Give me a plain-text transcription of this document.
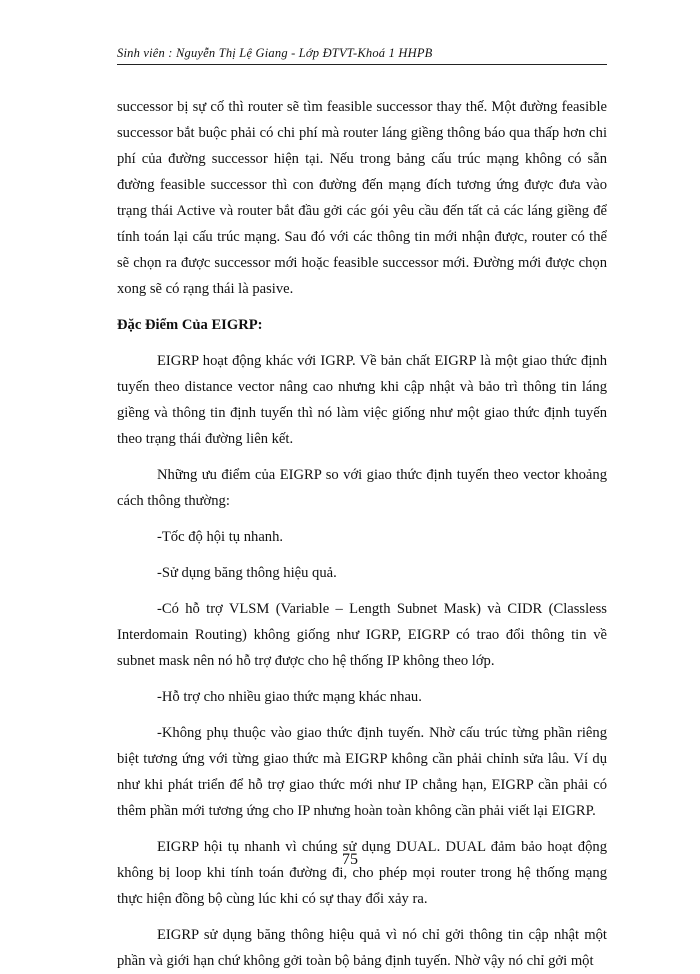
Sinh viên : Nguyễn Thị Lệ Giang - Lớp ĐTVT-Khoá 1 HHPB

successor bị sự cố thì router sẽ tìm feasible successor thay thế. Một đường feasible successor bắt buộc phải có chi phí mà router láng giềng thông báo qua thấp hơn chi phí của đường successor hiện tại. Nếu trong bảng cấu trúc mạng không có sẵn đường feasible successor thì con đường đến mạng đích tương ứng được đưa vào trạng thái Active và router bắt đầu gởi các gói yêu cầu đến tất cả các láng giềng để tính toán lại cấu trúc mạng. Sau đó với các thông tin mới nhận được, router có thể sẽ chọn ra được successor mới hoặc feasible successor mới. Đường mới được chọn xong sẽ có rạng thái là pasive.

Đặc Điểm Của EIGRP:

EIGRP hoạt động khác với IGRP. Về bản chất EIGRP là một giao thức định tuyến theo distance vector nâng cao nhưng khi cập nhật và bảo trì thông tin láng giềng và thông tin định tuyến thì nó làm việc giống như một giao thức định tuyến theo trạng thái đường liên kết.

Những ưu điểm của EIGRP so với giao thức định tuyến theo vector khoảng cách thông thường:

-Tốc độ hội tụ nhanh.

-Sử dụng băng thông hiệu quả.

-Có hỗ trợ VLSM (Variable – Length Subnet Mask) và CIDR (Classless Interdomain Routing) không giống như IGRP, EIGRP có trao đổi thông tin về subnet mask nên nó hỗ trợ được cho hệ thống IP không theo lớp.

-Hỗ trợ cho nhiều giao thức mạng khác nhau.

-Không phụ thuộc vào giao thức định tuyến. Nhờ cấu trúc từng phần riêng biệt tương ứng với từng giao thức mà EIGRP không cần phải chỉnh sửa lâu. Ví dụ như khi phát triển để hỗ trợ giao thức mới như IP chẳng hạn, EIGRP cần phải có thêm phần mới tương ứng cho IP nhưng hoàn toàn không cần phải viết lại EIGRP.

EIGRP hội tụ nhanh vì chúng sử dụng DUAL. DUAL đảm bảo hoạt động không bị loop khi tính toán đường đi, cho phép mọi router trong hệ thống mạng thực hiện đồng bộ cùng lúc khi có sự thay đổi xảy ra.

EIGRP sử dụng băng thông hiệu quả vì nó chỉ gởi thông tin cập nhật một phần và giới hạn chứ không gởi toàn bộ bảng định tuyến. Nhờ vậy nó chỉ gởi một

75
